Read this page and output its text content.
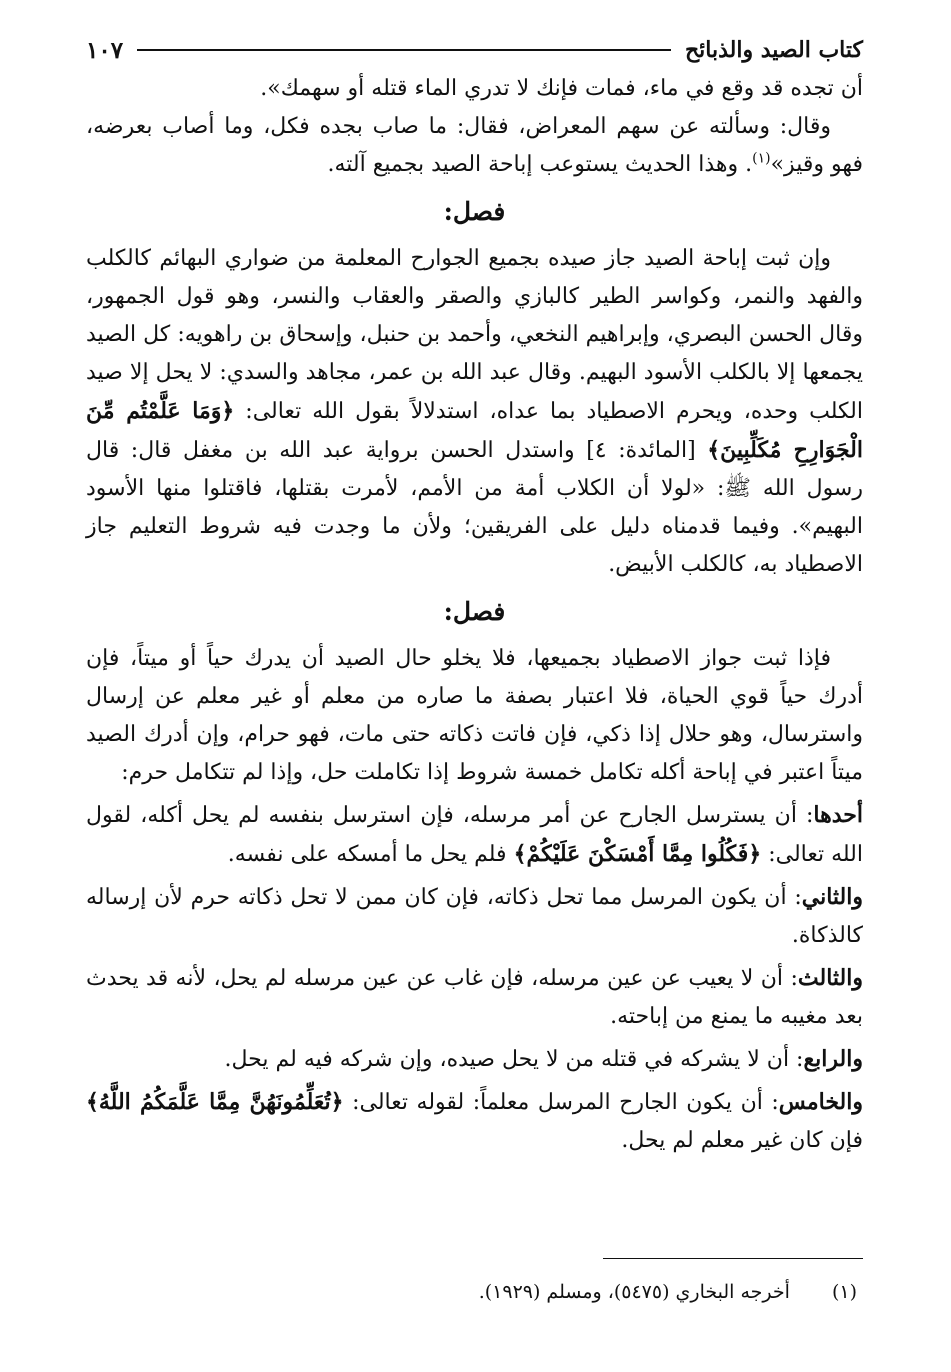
كتاب الصيد والذبائح
١٠٧

أن تجده قد وقع في ماء، فمات فإنك لا تدري الماء قتله أو سهمك».

وقال: وسألته عن سهم المعراض، فقال: ما صاب بجده فكل، وما أصاب بعرضه، فهو وقيز»$^{(١)}$. وهذا الحديث يستوعب إباحة الصيد بجميع آلته.

فصل:

وإن ثبت إباحة الصيد جاز صيده بجميع الجوارح المعلمة من ضواري البهائم كالكلب والفهد والنمر، وكواسر الطير كالبازي والصقر والعقاب والنسر، وهو قول الجمهور، وقال الحسن البصري، وإبراهيم النخعي، وأحمد بن حنبل، وإسحاق بن راهويه: كل الصيد يجمعها إلا بالكلب الأسود البهيم. وقال عبد الله بن عمر، مجاهد والسدي: لا يحل إلا صيد الكلب وحده، ويحرم الاصطياد بما عداه، استدلالاً بقول الله تعالى: ﴿وَمَا عَلَّمْتُم مِّنَ الْجَوَارِحِ مُكَلِّبِينَ﴾ [المائدة: ٤] واستدل الحسن برواية عبد الله بن مغفل قال: قال رسول الله ﷺ: «لولا أن الكلاب أمة من الأمم، لأمرت بقتلها، فاقتلوا منها الأسود البهيم». وفيما قدمناه دليل على الفريقين؛ ولأن ما وجدت فيه شروط التعليم جاز الاصطياد به، كالكلب الأبيض.

فصل:

فإذا ثبت جواز الاصطياد بجميعها، فلا يخلو حال الصيد أن يدرك حياً أو ميتاً، فإن أدرك حياً قوي الحياة، فلا اعتبار بصفة ما صاره من معلم أو غير معلم عن إرسال واسترسال، وهو حلال إذا ذكي، فإن فاتت ذكاته حتى مات، فهو حرام، وإن أدرك الصيد ميتاً اعتبر في إباحة أكله تكامل خمسة شروط إذا تكاملت حل، وإذا لم تتكامل حرم:

أحدها: أن يسترسل الجارح عن أمر مرسله، فإن استرسل بنفسه لم يحل أكله، لقول الله تعالى: ﴿فَكُلُوا مِمَّا أَمْسَكْنَ عَلَيْكُمْ﴾ فلم يحل ما أمسكه على نفسه.

والثاني: أن يكون المرسل مما تحل ذكاته، فإن كان ممن لا تحل ذكاته حرم لأن إرساله كالذكاة.

والثالث: أن لا يعيب عن عين مرسله، فإن غاب عن عين مرسله لم يحل، لأنه قد يحدث بعد مغيبه ما يمنع من إباحته.

والرابع: أن لا يشركه في قتله من لا يحل صيده، وإن شركه فيه لم يحل.

والخامس: أن يكون الجارح المرسل معلماً: لقوله تعالى: ﴿تُعَلِّمُونَهُنَّ مِمَّا عَلَّمَكُمُ اللَّهُ﴾ فإن كان غير معلم لم يحل.

(١)
أخرجه البخاري (٥٤٧٥)، ومسلم (١٩٢٩).
